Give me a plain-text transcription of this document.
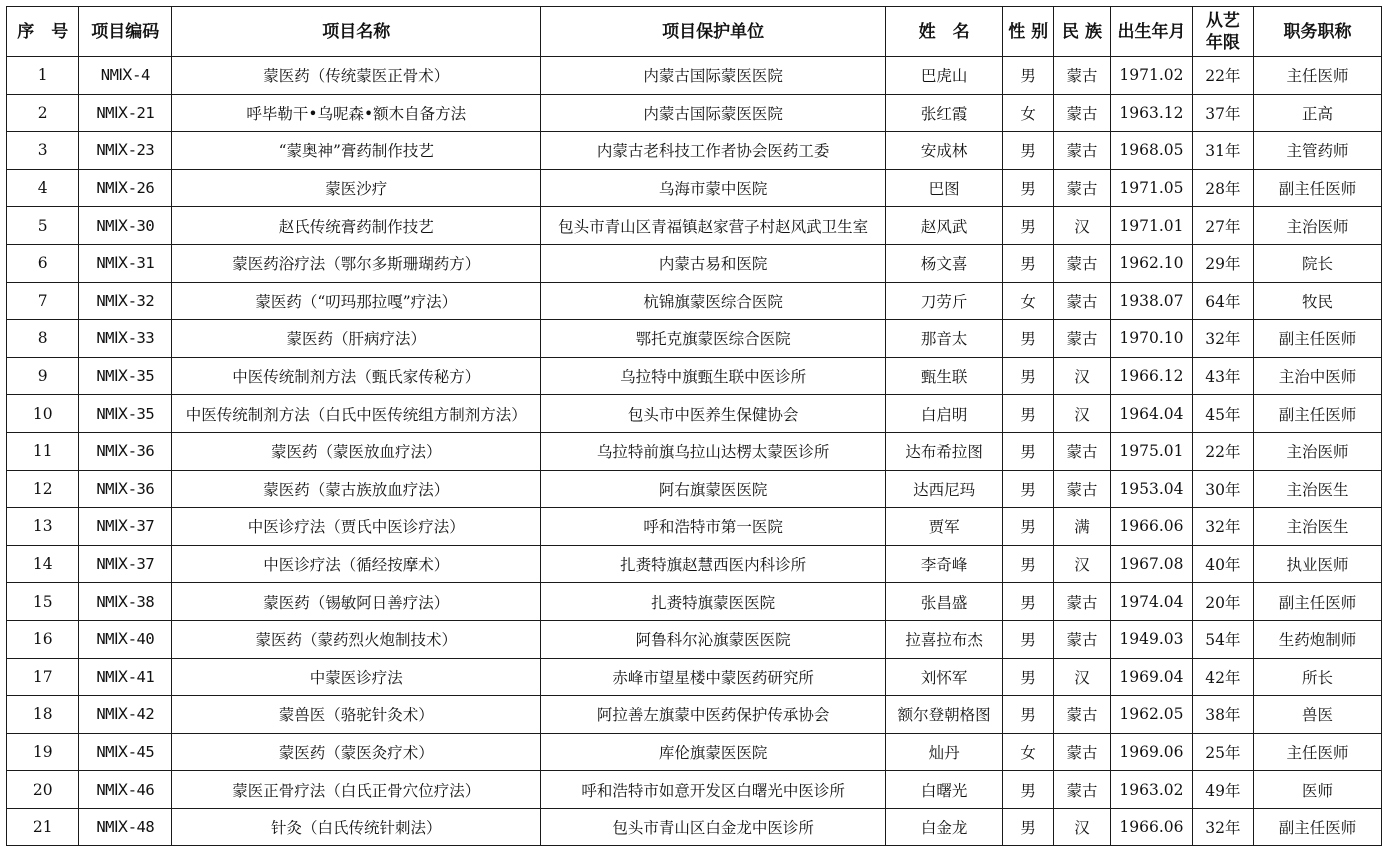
序　号	项目编码	项目名称	项目保护单位	姓　名	性 别	民 族	出生年月	从艺年限	职务职称
1	NMⅨ-4	蒙医药（传统蒙医正骨术）	内蒙古国际蒙医医院	巴虎山	男	蒙古	1971.02	22年	主任医师
2	NMⅨ-21	呼毕勒干•乌呢森•额木自备方法	内蒙古国际蒙医医院	张红霞	女	蒙古	1963.12	37年	正高
3	NMⅨ-23	“蒙奥神”膏药制作技艺	内蒙古老科技工作者协会医药工委	安成林	男	蒙古	1968.05	31年	主管药师
4	NMⅨ-26	蒙医沙疗	乌海市蒙中医院	巴图	男	蒙古	1971.05	28年	副主任医师
5	NMⅨ-30	赵氏传统膏药制作技艺	包头市青山区青福镇赵家营子村赵风武卫生室	赵风武	男	汉	1971.01	27年	主治医师
6	NMⅨ-31	蒙医药浴疗法（鄂尔多斯珊瑚药方）	内蒙古易和医院	杨文喜	男	蒙古	1962.10	29年	院长
7	NMⅨ-32	蒙医药（“叨玛那拉嘎”疗法）	杭锦旗蒙医综合医院	刀劳斤	女	蒙古	1938.07	64年	牧民
8	NMⅨ-33	蒙医药（肝病疗法）	鄂托克旗蒙医综合医院	那音太	男	蒙古	1970.10	32年	副主任医师
9	NMⅨ-35	中医传统制剂方法（甄氏家传秘方）	乌拉特中旗甄生联中医诊所	甄生联	男	汉	1966.12	43年	主治中医师
10	NMⅨ-35	中医传统制剂方法（白氏中医传统组方制剂方法）	包头市中医养生保健协会	白启明	男	汉	1964.04	45年	副主任医师
11	NMⅨ-36	蒙医药（蒙医放血疗法）	乌拉特前旗乌拉山达楞太蒙医诊所	达布希拉图	男	蒙古	1975.01	22年	主治医师
12	NMⅨ-36	蒙医药（蒙古族放血疗法）	阿右旗蒙医医院	达西尼玛	男	蒙古	1953.04	30年	主治医生
13	NMⅨ-37	中医诊疗法（贾氏中医诊疗法）	呼和浩特市第一医院	贾军	男	满	1966.06	32年	主治医生
14	NMⅨ-37	中医诊疗法（循经按摩术）	扎赉特旗赵慧西医内科诊所	李奇峰	男	汉	1967.08	40年	执业医师
15	NMⅨ-38	蒙医药（锡敏阿日善疗法）	扎赉特旗蒙医医院	张昌盛	男	蒙古	1974.04	20年	副主任医师
16	NMⅨ-40	蒙医药（蒙药烈火炮制技术）	阿鲁科尔沁旗蒙医医院	拉喜拉布杰	男	蒙古	1949.03	54年	生药炮制师
17	NMⅨ-41	中蒙医诊疗法	赤峰市望星楼中蒙医药研究所	刘怀军	男	汉	1969.04	42年	所长
18	NMⅨ-42	蒙兽医（骆驼针灸术）	阿拉善左旗蒙中医药保护传承协会	额尔登朝格图	男	蒙古	1962.05	38年	兽医
19	NMⅨ-45	蒙医药（蒙医灸疗术）	库伦旗蒙医医院	灿丹	女	蒙古	1969.06	25年	主任医师
20	NMⅨ-46	蒙医正骨疗法（白氏正骨穴位疗法）	呼和浩特市如意开发区白曙光中医诊所	白曙光	男	蒙古	1963.02	49年	医师
21	NMⅨ-48	针灸（白氏传统针刺法）	包头市青山区白金龙中医诊所	白金龙	男	汉	1966.06	32年	副主任医师
